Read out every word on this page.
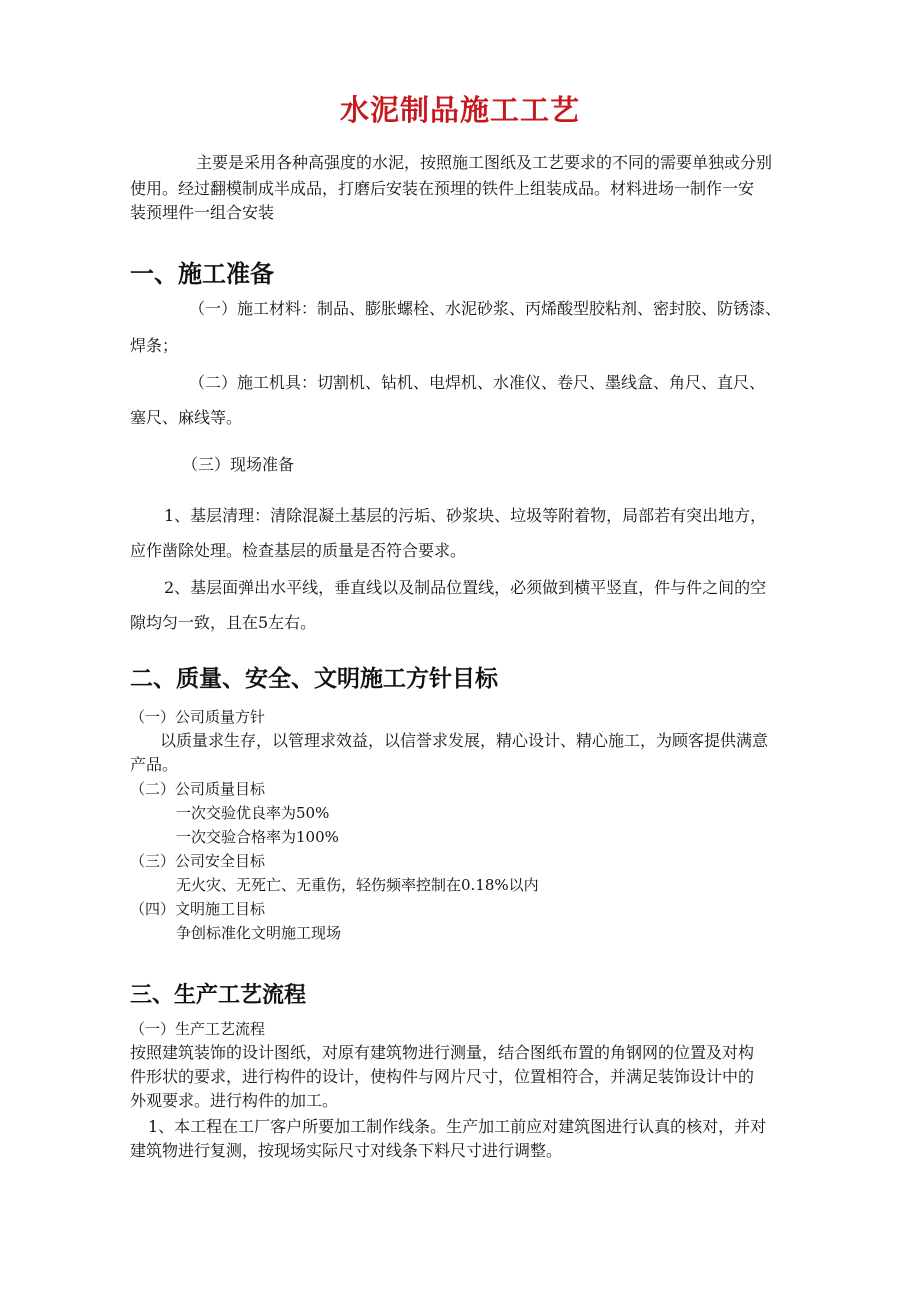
水泥制品施工工艺

主要是采用各种高强度的水泥，按照施工图纸及工艺要求的不同的需要单独或分别

使用。经过翻模制成半成品，打磨后安装在预埋的铁件上组装成品。材料进场一制作一安

装预埋件一组合安装

一、施工准备

（一）施工材料：制品、膨胀螺栓、水泥砂浆、丙烯酸型胶粘剂、密封胶、防锈漆、

焊条；

（二）施工机具：切割机、钻机、电焊机、水准仪、卷尺、墨线盒、角尺、直尺、

塞尺、麻线等。

（三）现场准备

1、基层清理：清除混凝土基层的污垢、砂浆块、垃圾等附着物，局部若有突出地方，

应作凿除处理。检查基层的质量是否符合要求。

2、基层面弹出水平线，垂直线以及制品位置线，必须做到横平竖直，件与件之间的空

隙均匀一致，且在5左右。

二、质量、安全、文明施工方针目标

（一）公司质量方针

以质量求生存，以管理求效益，以信誉求发展，精心设计、精心施工，为顾客提供满意

产品。

（二）公司质量目标

一次交验优良率为50%

一次交验合格率为100%

（三）公司安全目标

无火灾、无死亡、无重伤，轻伤频率控制在0.18%以内

（四）文明施工目标

争创标准化文明施工现场

三、生产工艺流程

（一）生产工艺流程

按照建筑装饰的设计图纸，对原有建筑物进行测量，结合图纸布置的角钢网的位置及对构

件形状的要求，进行构件的设计，使构件与网片尺寸，位置相符合，并满足装饰设计中的

外观要求。进行构件的加工。

1、本工程在工厂客户所要加工制作线条。生产加工前应对建筑图进行认真的核对，并对

建筑物进行复测，按现场实际尺寸对线条下料尺寸进行调整。
